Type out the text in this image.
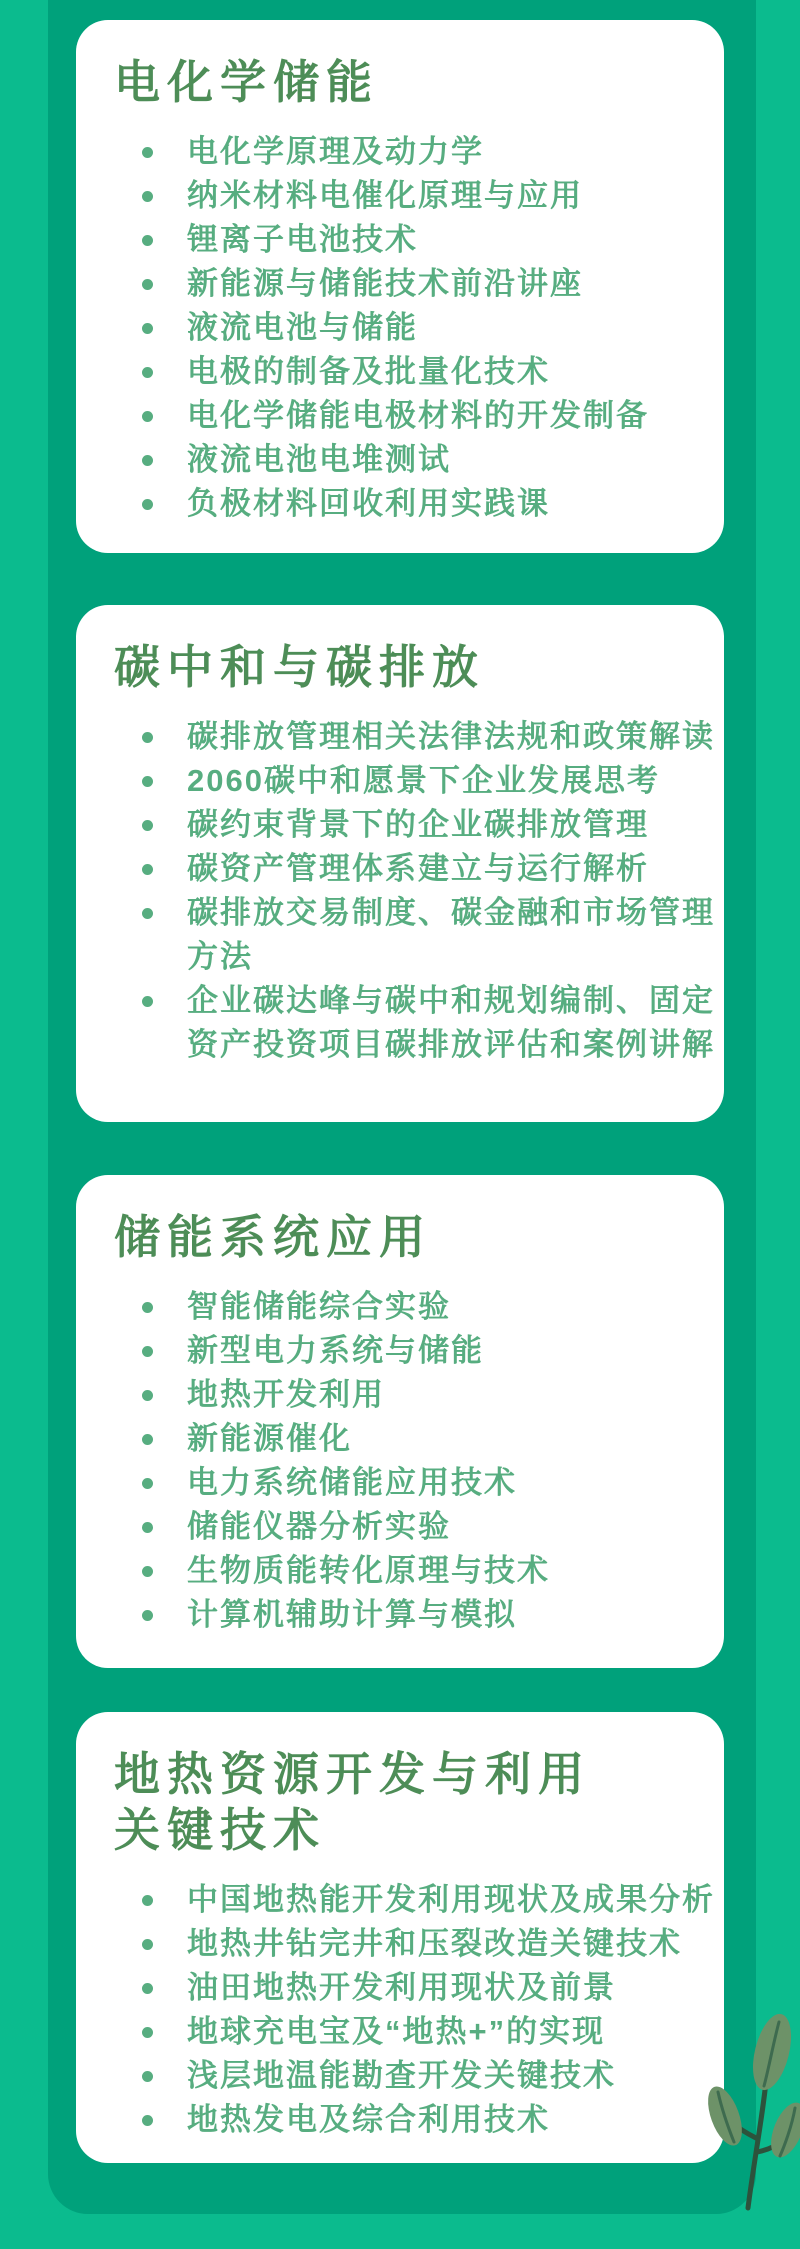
电化学储能
电化学原理及动力学
纳米材料电催化原理与应用
锂离子电池技术
新能源与储能技术前沿讲座
液流电池与储能
电极的制备及批量化技术
电化学储能电极材料的开发制备
液流电池电堆测试
负极材料回收利用实践课
碳中和与碳排放
碳排放管理相关法律法规和政策解读
2060碳中和愿景下企业发展思考
碳约束背景下的企业碳排放管理
碳资产管理体系建立与运行解析
碳排放交易制度、碳金融和市场管理方法
企业碳达峰与碳中和规划编制、固定资产投资项目碳排放评估和案例讲解
储能系统应用
智能储能综合实验
新型电力系统与储能
地热开发利用
新能源催化
电力系统储能应用技术
储能仪器分析实验
生物质能转化原理与技术
计算机辅助计算与模拟
地热资源开发与利用
关键技术
中国地热能开发利用现状及成果分析
地热井钻完井和压裂改造关键技术
油田地热开发利用现状及前景
地球充电宝及“地热+”的实现
浅层地温能勘查开发关键技术
地热发电及综合利用技术
